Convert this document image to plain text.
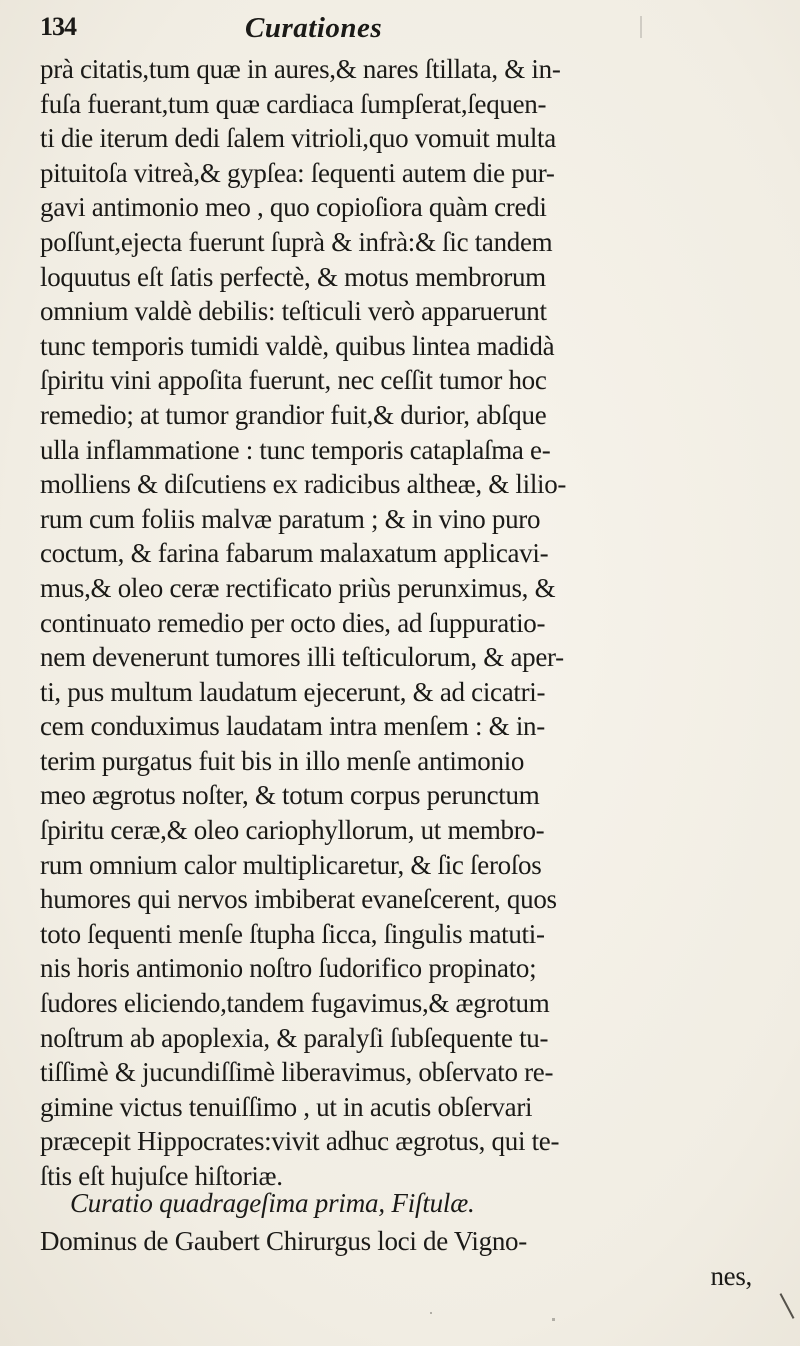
134	Curationes
prà citatis,tum quæ in aures,& nares ſtillata, & in-
fuſa fuerant,tum quæ cardiaca ſumpſerat,ſequen-
ti die iterum dedi ſalem vitrioli,quo vomuit multa
pituitoſa vitreà,& gypſea: ſequenti autem die pur-
gavi antimonio meo , quo copioſiora quàm credi
poſſunt,ejecta fuerunt ſuprà & infrà:& ſic tandem
loquutus eſt ſatis perfectè, & motus membrorum
omnium valdè debilis: teſticuli verò apparuerunt
tunc temporis tumidi valdè, quibus lintea madidà
ſpiritu vini appoſita fuerunt, nec ceſſit tumor hoc
remedio; at tumor grandior fuit,& durior, abſque
ulla inflammatione : tunc temporis cataplaſma e-
molliens & diſcutiens ex radicibus altheæ, & lilio-
rum cum foliis malvæ paratum ; & in vino puro
coctum, & farina fabarum malaxatum applicavi-
mus,& oleo ceræ rectificato priùs perunximus, &
continuato remedio per octo dies, ad ſuppuratio-
nem devenerunt tumores illi teſticulorum, & aper-
ti, pus multum laudatum ejecerunt, & ad cicatri-
cem conduximus laudatam intra menſem : & in-
terim purgatus fuit bis in illo menſe antimonio
meo ægrotus noſter, & totum corpus perunctum
ſpiritu ceræ,& oleo cariophyllorum, ut membro-
rum omnium calor multiplicaretur, & ſic ſeroſos
humores qui nervos imbiberat evaneſcerent, quos
toto ſequenti menſe ſtupha ſicca, ſingulis matuti-
nis horis antimonio noſtro ſudorifico propinato;
ſudores eliciendo,tandem fugavimus,& ægrotum
noſtrum ab apoplexia, & paralyſi ſubſequente tu-
tiſſimè & jucundiſſimè liberavimus, obſervato re-
gimine victus tenuiſſimo , ut in acutis obſervari
præcepit Hippocrates:vivit adhuc ægrotus, qui te-
ſtis eſt hujuſce hiſtoriæ.
Curatio quadrageſima prima, Fiſtulæ.
Dominus de Gaubert Chirurgus loci de Vigno-
nes,
